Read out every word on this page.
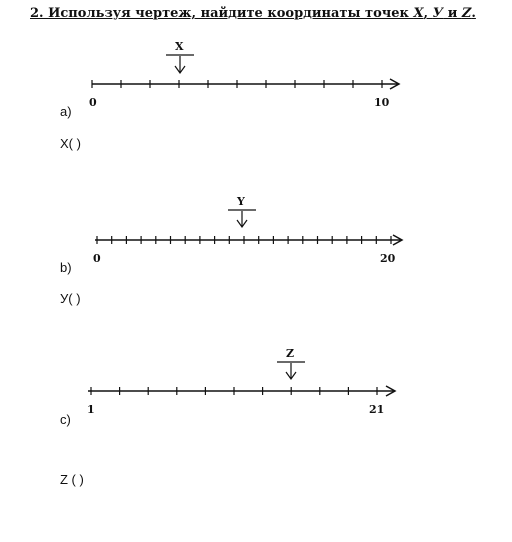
2. Используя чертеж, найдите координаты точек X, У и Z.
X
0	10
a)
X( )
Y
0	20
b)
У( )
Z
1	21
c)
Z ( )
